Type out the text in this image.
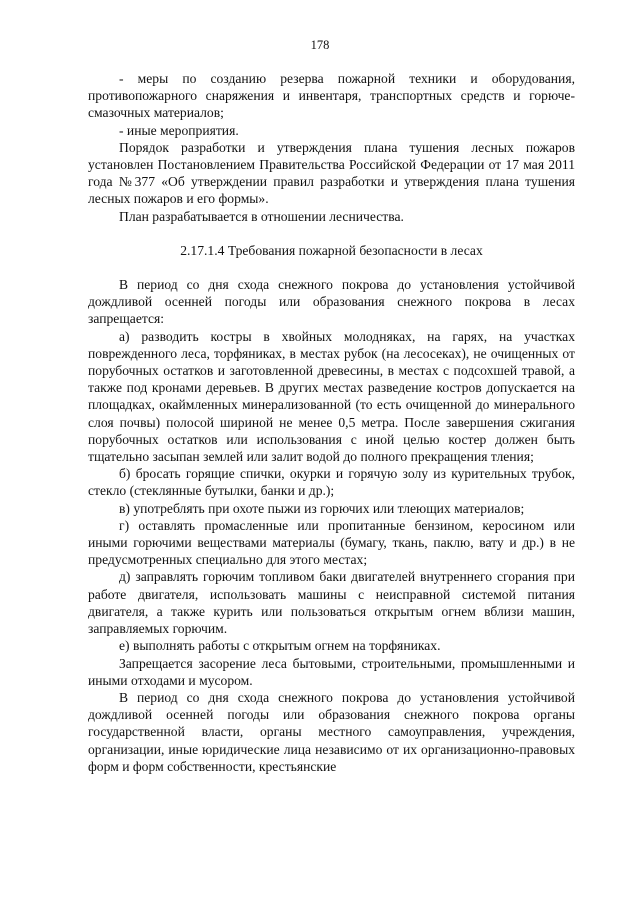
178

- меры по созданию резерва пожарной техники и оборудования, противопожарного снаряжения и инвентаря, транспортных средств и горюче-смазочных материалов;

- иные мероприятия.

Порядок разработки и утверждения плана тушения лесных пожаров установлен Постановлением Правительства Российской Федерации от 17 мая 2011 года №377 «Об утверждении правил разработки и утверждения плана тушения лесных пожаров и его формы».

План разрабатывается в отношении лесничества.

2.17.1.4 Требования пожарной безопасности в лесах

В период со дня схода снежного покрова до установления устойчивой дождливой осенней погоды или образования снежного покрова в лесах запрещается:

а) разводить костры в хвойных молодняках, на гарях, на участках поврежденного леса, торфяниках, в местах рубок (на лесосеках), не очищенных от порубочных остатков и заготовленной древесины, в местах с подсохшей травой, а также под кронами деревьев. В других местах разведение костров допускается на площадках, окаймленных минерализованной (то есть очищенной до минерального слоя почвы) полосой шириной не менее 0,5 метра. После завершения сжигания порубочных остатков или использования с иной целью костер должен быть тщательно засыпан землей или залит водой до полного прекращения тления;

б) бросать горящие спички, окурки и горячую золу из курительных трубок, стекло (стеклянные бутылки, банки и др.);

в) употреблять при охоте пыжи из горючих или тлеющих материалов;

г) оставлять промасленные или пропитанные бензином, керосином или иными горючими веществами материалы (бумагу, ткань, паклю, вату и др.) в не предусмотренных специально для этого местах;

д) заправлять горючим топливом баки двигателей внутреннего сгорания при работе двигателя, использовать машины с неисправной системой питания двигателя, а также курить или пользоваться открытым огнем вблизи машин, заправляемых горючим.

е) выполнять работы с открытым огнем на торфяниках.

Запрещается засорение леса бытовыми, строительными, промышленными и иными отходами и мусором.

В период со дня схода снежного покрова до установления устойчивой дождливой осенней погоды или образования снежного покрова органы государственной власти, органы местного самоуправления, учреждения, организации, иные юридические лица независимо от их организационно-правовых форм и форм собственности, крестьянские
